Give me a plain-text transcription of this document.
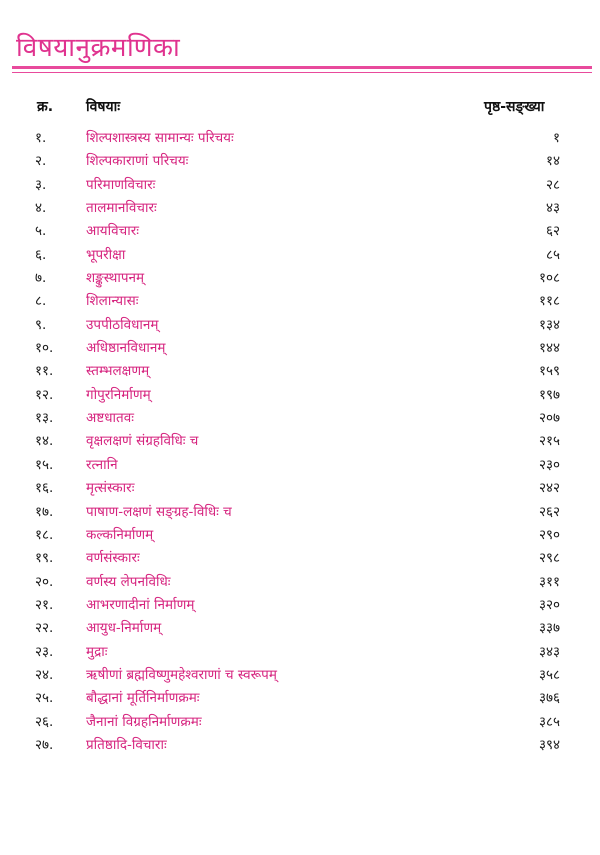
विषयानुक्रमणिका
क्र. विषयाः	पृष्ठ-सङ्ख्या
१.	शिल्पशास्त्रस्य सामान्यः परिचयः	१
२.	शिल्पकाराणां परिचयः	१४
३.	परिमाणविचारः	२८
४.	तालमानविचारः	४३
५.	आयविचारः	६२
६.	भूपरीक्षा	८५
७.	शङ्कुस्थापनम्	१०८
८.	शिलान्यासः	११८
९.	उपपीठविधानम्	१३४
१०. अधिष्ठानविधानम्	१४४
११. स्तम्भलक्षणम्	१५९
१२. गोपुरनिर्माणम्	१९७
१३. अष्टधातवः	२०७
१४. वृक्षलक्षणं संग्रहविधिः च	२१५
१५. रत्नानि	२३०
१६. मृत्संस्कारः	२४२
१७. पाषाण-लक्षणं सङ्ग्रह-विधिः च	२६२
१८. कल्कनिर्माणम्	२९०
१९. वर्णसंस्कारः	२९८
२०. वर्णस्य लेपनविधिः	३११
२१. आभरणादीनां निर्माणम्	३२०
२२. आयुध-निर्माणम्	३३७
२३. मुद्राः	३४३
२४. ऋषीणां ब्रह्मविष्णुमहेश्वराणां च स्वरूपम्	३५८
२५. बौद्धानां मूर्तिनिर्माणक्रमः	३७६
२६. जैनानां विग्रहनिर्माणक्रमः	३८५
२७. प्रतिष्ठादि-विचाराः	३९४
